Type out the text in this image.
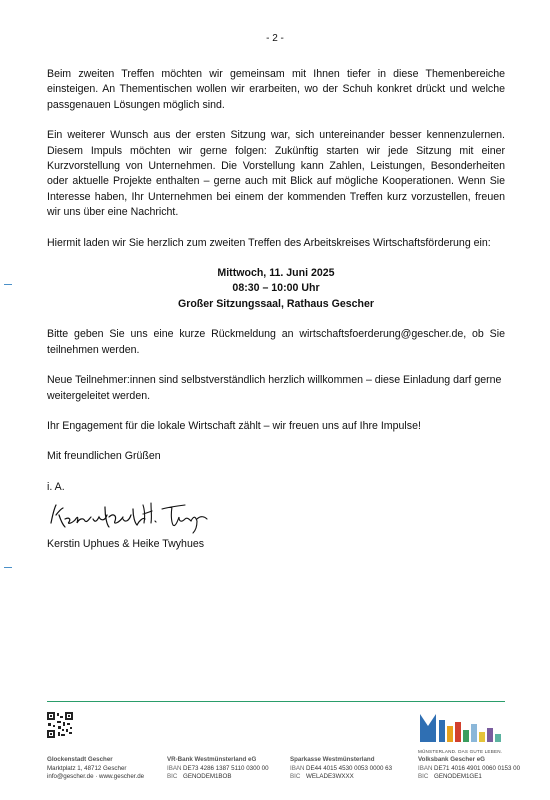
- 2 -

Beim zweiten Treffen möchten wir gemeinsam mit Ihnen tiefer in diese Themenbereiche einsteigen. An Thementischen wollen wir erarbeiten, wo der Schuh konkret drückt und welche passgenauen Lösungen möglich sind.

Ein weiterer Wunsch aus der ersten Sitzung war, sich untereinander besser kennenzulernen. Diesem Impuls möchten wir gerne folgen: Zukünftig starten wir jede Sitzung mit einer Kurzvorstellung von Unternehmen. Die Vorstellung kann Zahlen, Leistungen, Besonderheiten oder aktuelle Projekte enthalten – gerne auch mit Blick auf mögliche Kooperationen. Wenn Sie Interesse haben, Ihr Unternehmen bei einem der kommenden Treffen kurz vorzustellen, freuen wir uns über eine Nachricht.

Hiermit laden wir Sie herzlich zum zweiten Treffen des Arbeitskreises Wirtschaftsförderung ein:

Mittwoch, 11. Juni 2025
08:30 – 10:00 Uhr
Großer Sitzungssaal, Rathaus Gescher

Bitte geben Sie uns eine kurze Rückmeldung an wirtschaftsfoerderung@gescher.de, ob Sie teilnehmen werden.

Neue Teilnehmer:innen sind selbstverständlich herzlich willkommen – diese Einladung darf gerne weitergeleitet werden.

Ihr Engagement für die lokale Wirtschaft zählt – wir freuen uns auf Ihre Impulse!

Mit freundlichen Grüßen

i. A.

Kerstin Uphues & Heike Twyhues

MÜNSTERLAND. DAS GUTE LEBEN.
Glockenstadt Gescher
Marktplatz 1, 48712 Gescher
info@gescher.de · www.gescher.de
VR-Bank Westmünsterland eG
IBAN DE73 4286 1387 5110 0300 00
BIC GENODEM1BOB
Sparkasse Westmünsterland
IBAN DE44 4015 4530 0053 0000 63
BIC WELADE3WXXX
Volksbank Gescher eG
IBAN DE71 4016 4901 0060 0153 00
BIC GENODEM1GE1
